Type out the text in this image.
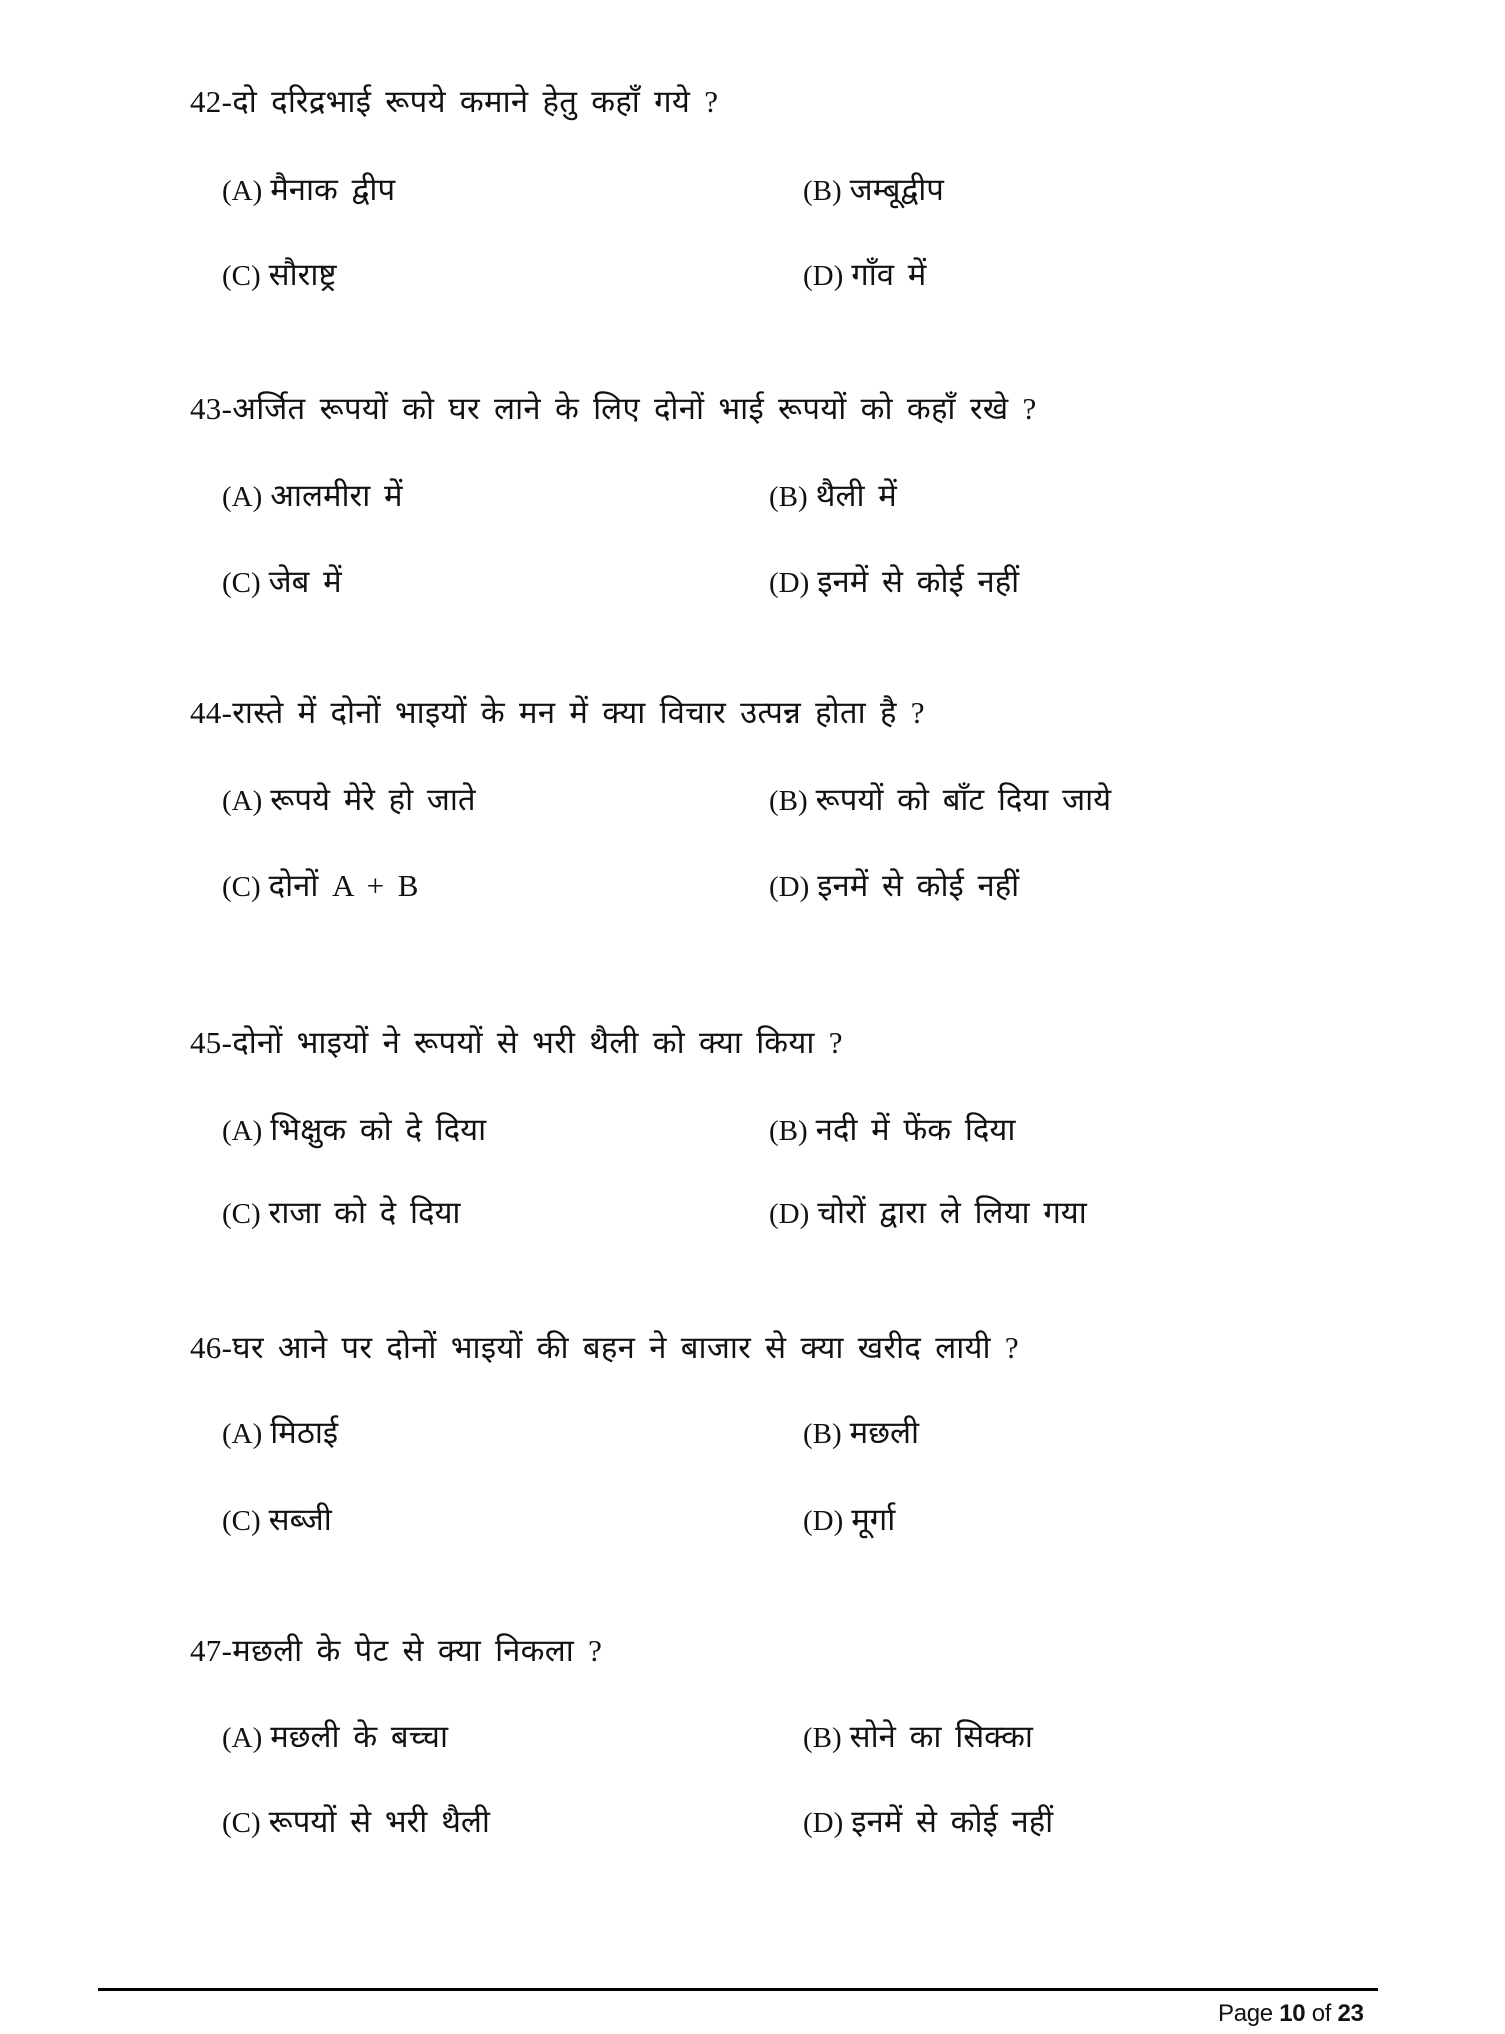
42-दो दरिद्रभाई रूपये कमाने हेतु कहाँ गये ?
(A) मैनाक द्वीप	(B) जम्बूद्वीप
(C) सौराष्ट्र	(D) गाँव में
43-अर्जित रूपयों को घर लाने के लिए दोनों भाई रूपयों को कहाँ रखे ?
(A) आलमीरा में	(B) थैली में
(C) जेब में	(D) इनमें से कोई नहीं
44-रास्ते में दोनों भाइयों के मन में क्या विचार उत्पन्न होता है ?
(A) रूपये मेरे हो जाते	(B) रूपयों को बाँट दिया जाये
(C) दोनों A + B	(D) इनमें से कोई नहीं
45-दोनों भाइयों ने रूपयों से भरी थैली को क्या किया ?
(A) भिक्षुक को दे दिया	(B) नदी में फेंक दिया
(C) राजा को दे दिया	(D) चोरों द्वारा ले लिया गया
46-घर आने पर दोनों भाइयों की बहन ने बाजार से क्या खरीद लायी ?
(A) मिठाई	(B) मछली
(C) सब्जी	(D) मूर्गा
47-मछली के पेट से क्या निकला ?
(A) मछली के बच्चा	(B) सोने का सिक्का
(C) रूपयों से भरी थैली	(D) इनमें से कोई नहीं
Page 10 of 23
